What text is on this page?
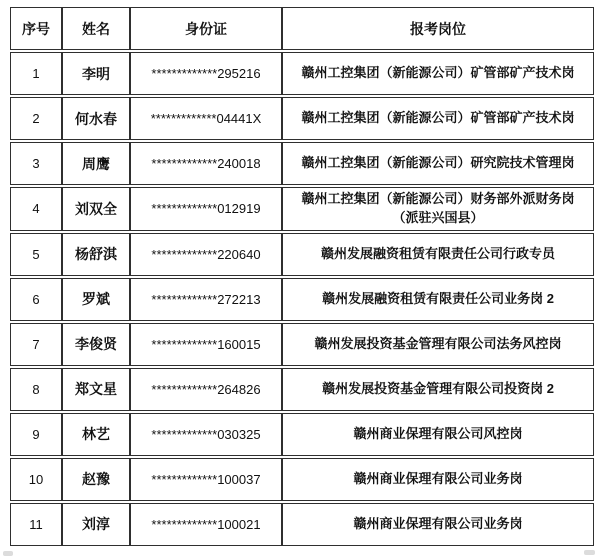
序号	姓名	身份证	报考岗位
1	李明	*************295216	赣州工控集团（新能源公司）矿管部矿产技术岗
2	何水春	*************04441X	赣州工控集团（新能源公司）矿管部矿产技术岗
3	周鹰	*************240018	赣州工控集团（新能源公司）研究院技术管理岗
4	刘双全	*************012919	赣州工控集团（新能源公司）财务部外派财务岗（派驻兴国县）
5	杨舒淇	*************220640	赣州发展融资租赁有限责任公司行政专员
6	罗斌	*************272213	赣州发展融资租赁有限责任公司业务岗 2
7	李俊贤	*************160015	赣州发展投资基金管理有限公司法务风控岗
8	郑文星	*************264826	赣州发展投资基金管理有限公司投资岗 2
9	林艺	*************030325	赣州商业保理有限公司风控岗
10	赵豫	*************100037	赣州商业保理有限公司业务岗
11	刘淳	*************100021	赣州商业保理有限公司业务岗
